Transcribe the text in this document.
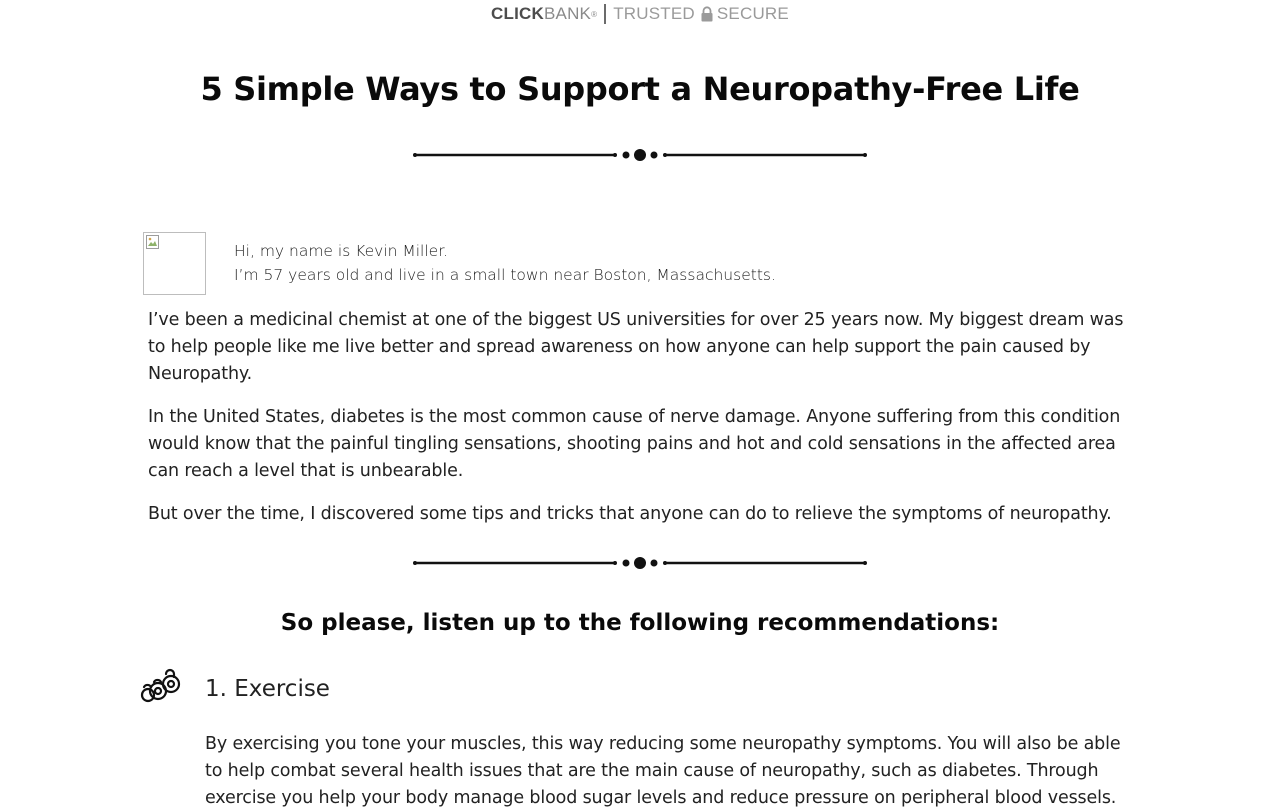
CLICKBANK ® TRUSTED SECURE
5 Simple Ways to Support a Neuropathy-Free Life
Hi, my name is Kevin Miller.
I’m 57 years old and live in a small town near Boston, Massachusetts.

I’ve been a medicinal chemist at one of the biggest US universities for over 25 years now. My biggest dream was to help people like me live better and spread awareness on how anyone can help support the pain caused by Neuropathy.

In the United States, diabetes is the most common cause of nerve damage. Anyone suffering from this condition would know that the painful tingling sensations, shooting pains and hot and cold sensations in the affected area can reach a level that is unbearable.

But over the time, I discovered some tips and tricks that anyone can do to relieve the symptoms of neuropathy.

So please, listen up to the following recommendations:
1. Exercise

By exercising you tone your muscles, this way reducing some neuropathy symptoms. You will also be able to help combat several health issues that are the main cause of neuropathy, such as diabetes. Through exercise you help your body manage blood sugar levels and reduce pressure on peripheral blood vessels.
